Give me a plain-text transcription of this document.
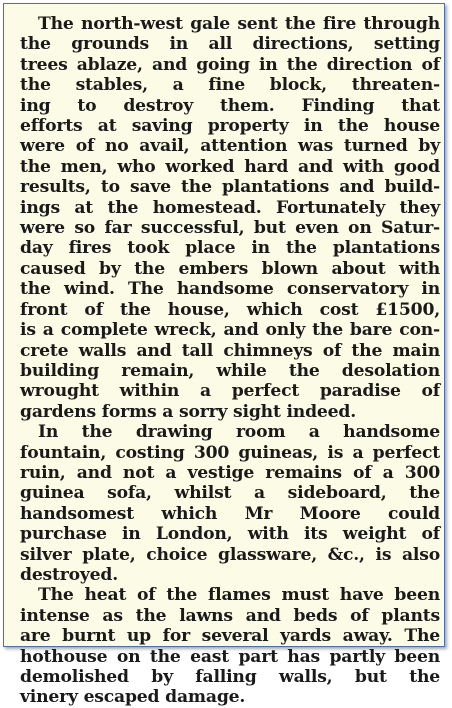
The north-west gale sent the fire through
the grounds in all directions, setting
trees ablaze, and going in the direction of
the stables, a fine block, threaten-
ing to destroy them. Finding that
efforts at saving property in the house
were of no avail, attention was turned by
the men, who worked hard and with good
results, to save the plantations and build-
ings at the homestead. Fortunately they
were so far successful, but even on Satur-
day fires took place in the plantations
caused by the embers blown about with
the wind. The handsome conservatory in
front of the house, which cost £1500,
is a complete wreck, and only the bare con-
crete walls and tall chimneys of the main
building remain, while the desolation
wrought within a perfect paradise of
gardens forms a sorry sight indeed.

In the drawing room a handsome
fountain, costing 300 guineas, is a perfect
ruin, and not a vestige remains of a 300
guinea sofa, whilst a sideboard, the
handsomest which Mr Moore could
purchase in London, with its weight of
silver plate, choice glassware, &c., is also
destroyed.

The heat of the flames must have been
intense as the lawns and beds of plants
are burnt up for several yards away. The
hothouse on the east part has partly been
demolished by falling walls, but the
vinery escaped damage.
